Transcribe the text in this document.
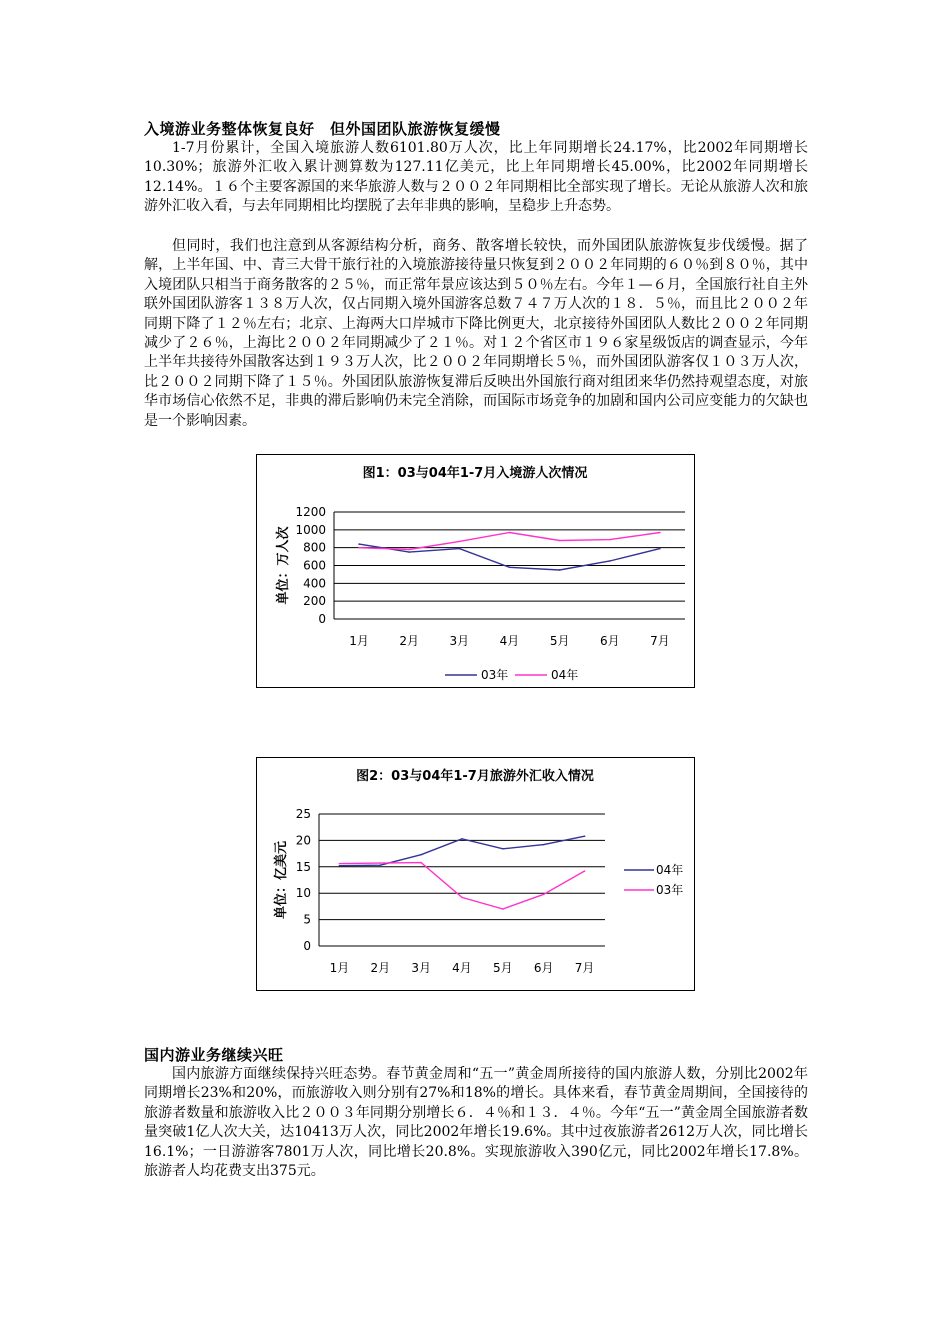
入境游业务整体恢复良好　但外国团队旅游恢复缓慢

1-7月份累计，全国入境旅游人数6101.80万人次，比上年同期增长24.17%，比2002年同期增长10.30%；旅游外汇收入累计测算数为127.11亿美元，比上年同期增长45.00%，比2002年同期增长12.14%。１６个主要客源国的来华旅游人数与２００２年同期相比全部实现了增长。无论从旅游人次和旅游外汇收入看，与去年同期相比均摆脱了去年非典的影响，呈稳步上升态势。

但同时，我们也注意到从客源结构分析，商务、散客增长较快，而外国团队旅游恢复步伐缓慢。据了解，上半年国、中、青三大骨干旅行社的入境旅游接待量只恢复到２００２年同期的６０％到８０％，其中入境团队只相当于商务散客的２５％，而正常年景应该达到５０％左右。今年１—６月，全国旅行社自主外联外国团队游客１３８万人次，仅占同期入境外国游客总数７４７万人次的１８．５％，而且比２００２年同期下降了１２％左右；北京、上海两大口岸城市下降比例更大，北京接待外国团队人数比２００２年同期减少了２６％，上海比２００２年同期减少了２１％。对１２个省区市１９６家星级饭店的调查显示，今年上半年共接待外国散客达到１９３万人次，比２００２年同期增长５％，而外国团队游客仅１０３万人次，比２００２同期下降了１５％。外国团队旅游恢复滞后反映出外国旅行商对组团来华仍然持观望态度，对旅华市场信心依然不足，非典的滞后影响仍未完全消除，而国际市场竞争的加剧和国内公司应变能力的欠缺也是一个影响因素。

图1：03与04年1-7月入境游人次情况
0
200
400
600
800
1000
1200
1月	2月	3月	4月	5月	6月	7月
单位：万人次
03年	04年
图2：03与04年1-7月旅游外汇收入情况
0
5
10
15
20
25
1月 2月 3月 4月 5月 6月 7月
单位：亿美元	04年
03年
国内游业务继续兴旺

国内旅游方面继续保持兴旺态势。春节黄金周和“五一”黄金周所接待的国内旅游人数，分别比2002年同期增长23%和20%，而旅游收入则分别有27%和18%的增长。具体来看，春节黄金周期间，全国接待的旅游者数量和旅游收入比２００３年同期分别增长６．４％和１３．４％。今年“五一”黄金周全国旅游者数量突破1亿人次大关，达10413万人次，同比2002年增长19.6%。其中过夜旅游者2612万人次，同比增长16.1%；一日游游客7801万人次，同比增长20.8%。实现旅游收入390亿元，同比2002年增长17.8%。旅游者人均花费支出375元。
